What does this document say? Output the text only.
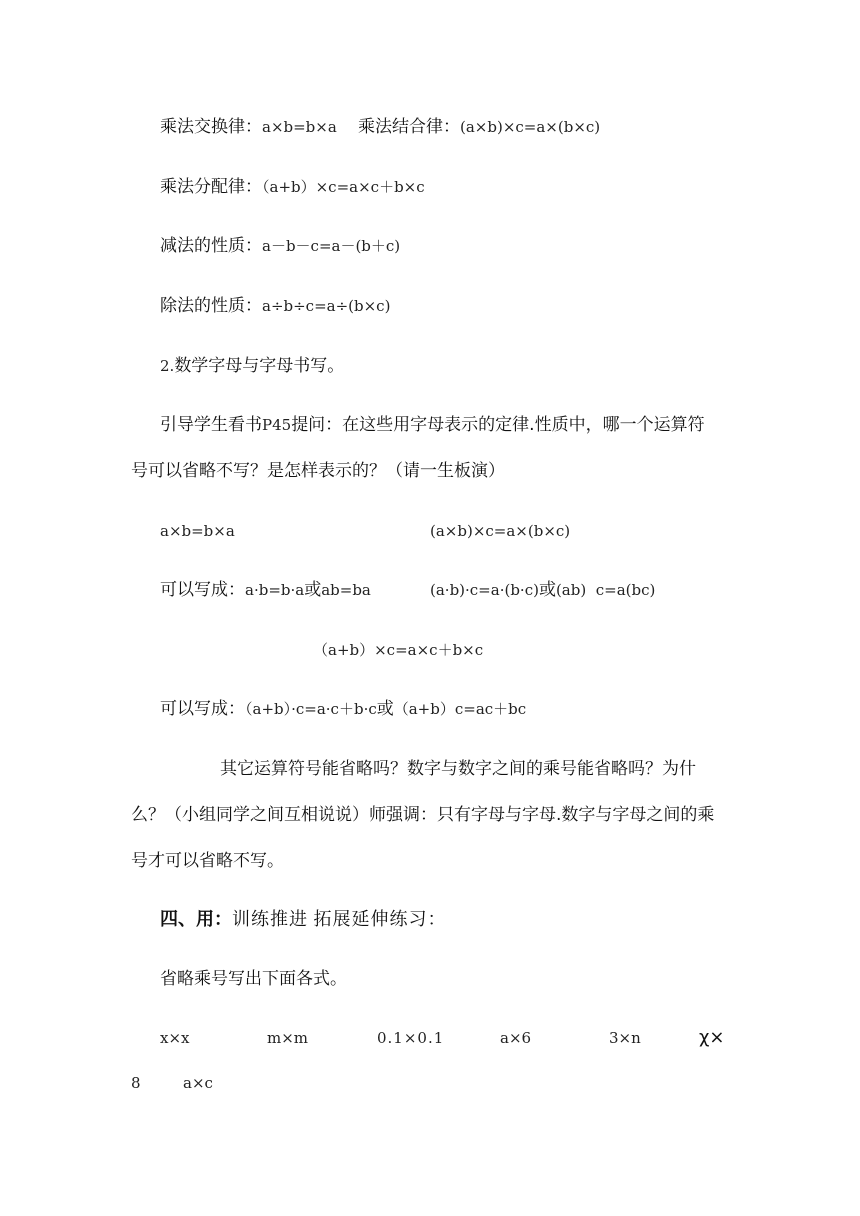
乘法交换律：a×b=b×a 乘法结合律：(a×b)×c=a×(b×c)
乘法分配律：（a+b）×c=a×c＋b×c
减法的性质：a－b－c=a－(b＋c)
除法的性质：a÷b÷c=a÷(b×c)
2.数学字母与字母书写。
引导学生看书P45提问：在这些用字母表示的定律.性质中，哪一个运算符
号可以省略不写？是怎样表示的？（请一生板演）
a×b=b×a	(a×b)×c=a×(b×c)
可以写成：a·b=b·a或ab=ba	(a·b)·c=a·(b·c)或(ab)  c=a(bc)
（a+b）×c=a×c＋b×c
可以写成：（a+b）·c=a·c＋b·c或（a+b）c=ac＋bc
其它运算符号能省略吗？数字与数字之间的乘号能省略吗？为什
么？（小组同学之间互相说说）师强调：只有字母与字母.数字与字母之间的乘
号才可以省略不写。
四、用：训练推进 拓展延伸练习：
省略乘号写出下面各式。
x×x	m×m	0.1×0.1	a×6	3×n	χ×
8	a×c
